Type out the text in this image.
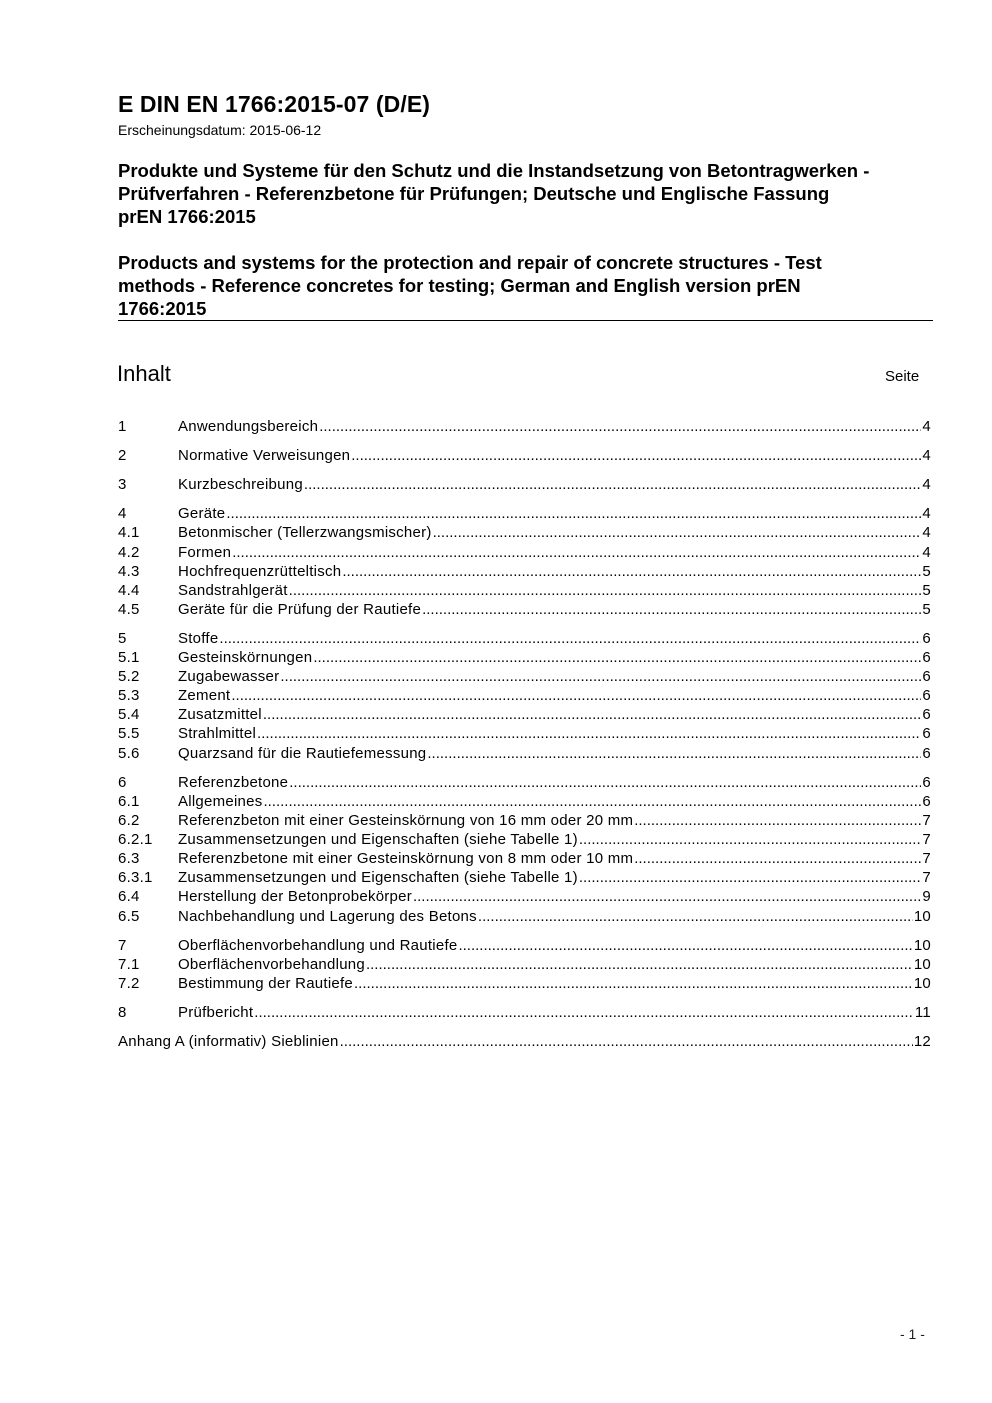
E DIN EN 1766:2015-07 (D/E)
Erscheinungsdatum: 2015-06-12
Produkte und Systeme für den Schutz und die Instandsetzung von Betontragwerken -
Prüfverfahren - Referenzbetone für Prüfungen; Deutsche und Englische Fassung
prEN 1766:2015
Products and systems for the protection and repair of concrete structures - Test
methods - Reference concretes for testing; German and English version prEN
1766:2015
Inhalt	Seite
1	Anwendungsbereich .....	4
2	Normative Verweisungen .....	4
3	Kurzbeschreibung .....	4
4	Geräte .....	4
4.1	Betonmischer (Tellerzwangsmischer) .....	4
4.2	Formen .....	4
4.3	Hochfrequenzrütteltisch .....	5
4.4	Sandstrahlgerät .....	5
4.5	Geräte für die Prüfung der Rautiefe .....	5
5	Stoffe .....	6
5.1	Gesteinskörnungen .....	6
5.2	Zugabewasser .....	6
5.3	Zement .....	6
5.4	Zusatzmittel .....	6
5.5	Strahlmittel .....	6
5.6	Quarzsand für die Rautiefemessung .....	6
6	Referenzbetone .....	6
6.1	Allgemeines .....	6
6.2	Referenzbeton mit einer Gesteinskörnung von 16 mm oder 20 mm .....	7
6.2.1 Zusammensetzungen und Eigenschaften (siehe Tabelle 1) .....	7
6.3	Referenzbetone mit einer Gesteinskörnung von 8 mm oder 10 mm .....	7
6.3.1 Zusammensetzungen und Eigenschaften (siehe Tabelle 1) .....	7
6.4	Herstellung der Betonprobekörper .....	9
6.5	Nachbehandlung und Lagerung des Betons .....	10
7	Oberflächenvorbehandlung und Rautiefe .....	10
7.1	Oberflächenvorbehandlung .....	10
7.2	Bestimmung der Rautiefe .....	10
8	Prüfbericht .....	11
Anhang A (informativ) Sieblinien .....	12
- 1 -
